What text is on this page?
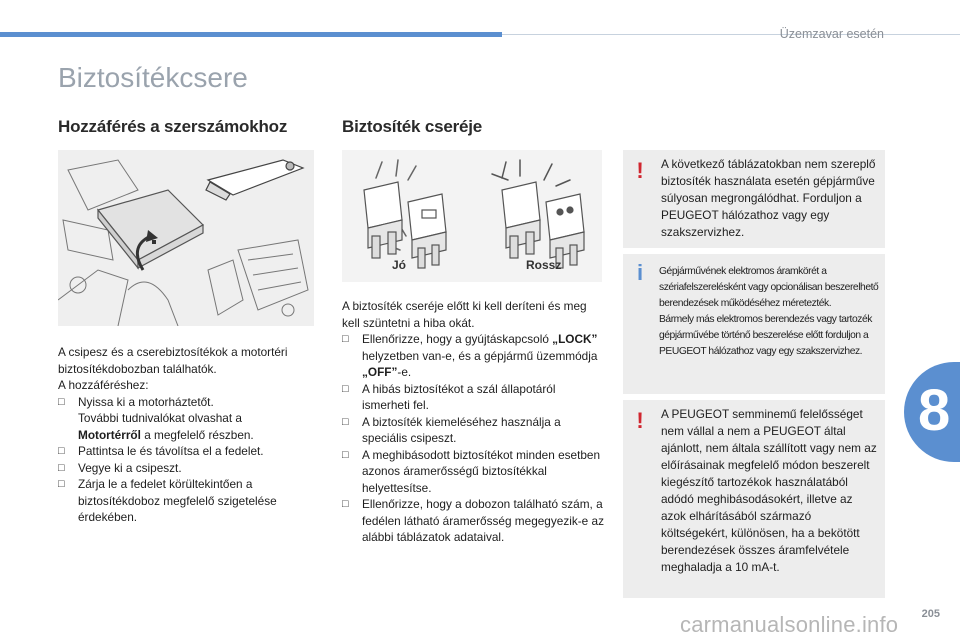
Üzemzavar esetén
Biztosítékcsere
Hozzáférés a szerszámokhoz

A csipesz és a cserebiztosítékok a motortéri biztosítékdobozban találhatók.

A hozzáféréshez:

□ Nyissa ki a motorháztetőt.
További tudnivalókat olvashat a Motortérről a megfelelő részben.
□ Pattintsa le és távolítsa el a fedelet.
□ Vegye ki a csipeszt.
□ Zárja le a fedelet körültekintően a biztosítékdoboz megfelelő szigetelése érdekében.
Biztosíték cseréje
Jó	Rossz

A biztosíték cseréje előtt ki kell deríteni és meg kell szüntetni a hiba okát.

□ Ellenőrizze, hogy a gyújtáskapcsoló „LOCK” helyzetben van-e, és a gépjármű üzemmódja „OFF”-e.
□ A hibás biztosítékot a szál állapotáról ismerheti fel.
□ A biztosíték kiemeléséhez használja a speciális csipeszt.
□ A meghibásodott biztosítékot minden esetben azonos áramerősségű biztosítékkal helyettesítse.
□ Ellenőrizze, hogy a dobozon található szám, a fedélen látható áramerősség megegyezik-e az alábbi táblázatok adataival.
! A következő táblázatokban nem szereplő biztosíték használata esetén gépjárműve súlyosan megrongálódhat. Forduljon a PEUGEOT hálózathoz vagy egy szakszervizhez.
i Gépjárművének elektromos áramkörét a szériafelszerelésként vagy opcionálisan beszerelhető berendezések működéséhez méretezték.
Bármely más elektromos berendezés vagy tartozék gépjárművébe történő beszerelése előtt forduljon a PEUGEOT hálózathoz vagy egy szakszervizhez.
! A PEUGEOT semminemű felelősséget nem vállal a nem a PEUGEOT által ajánlott, nem általa szállított vagy nem az előírásainak megfelelő módon beszerelt kiegészítő tartozékok használatából adódó meghibásodásokért, illetve az azok elhárításából származó költségekért, különösen, ha a bekötött berendezések összes áramfelvétele meghaladja a 10 mA-t.
8
205
carmanualsonline.info
